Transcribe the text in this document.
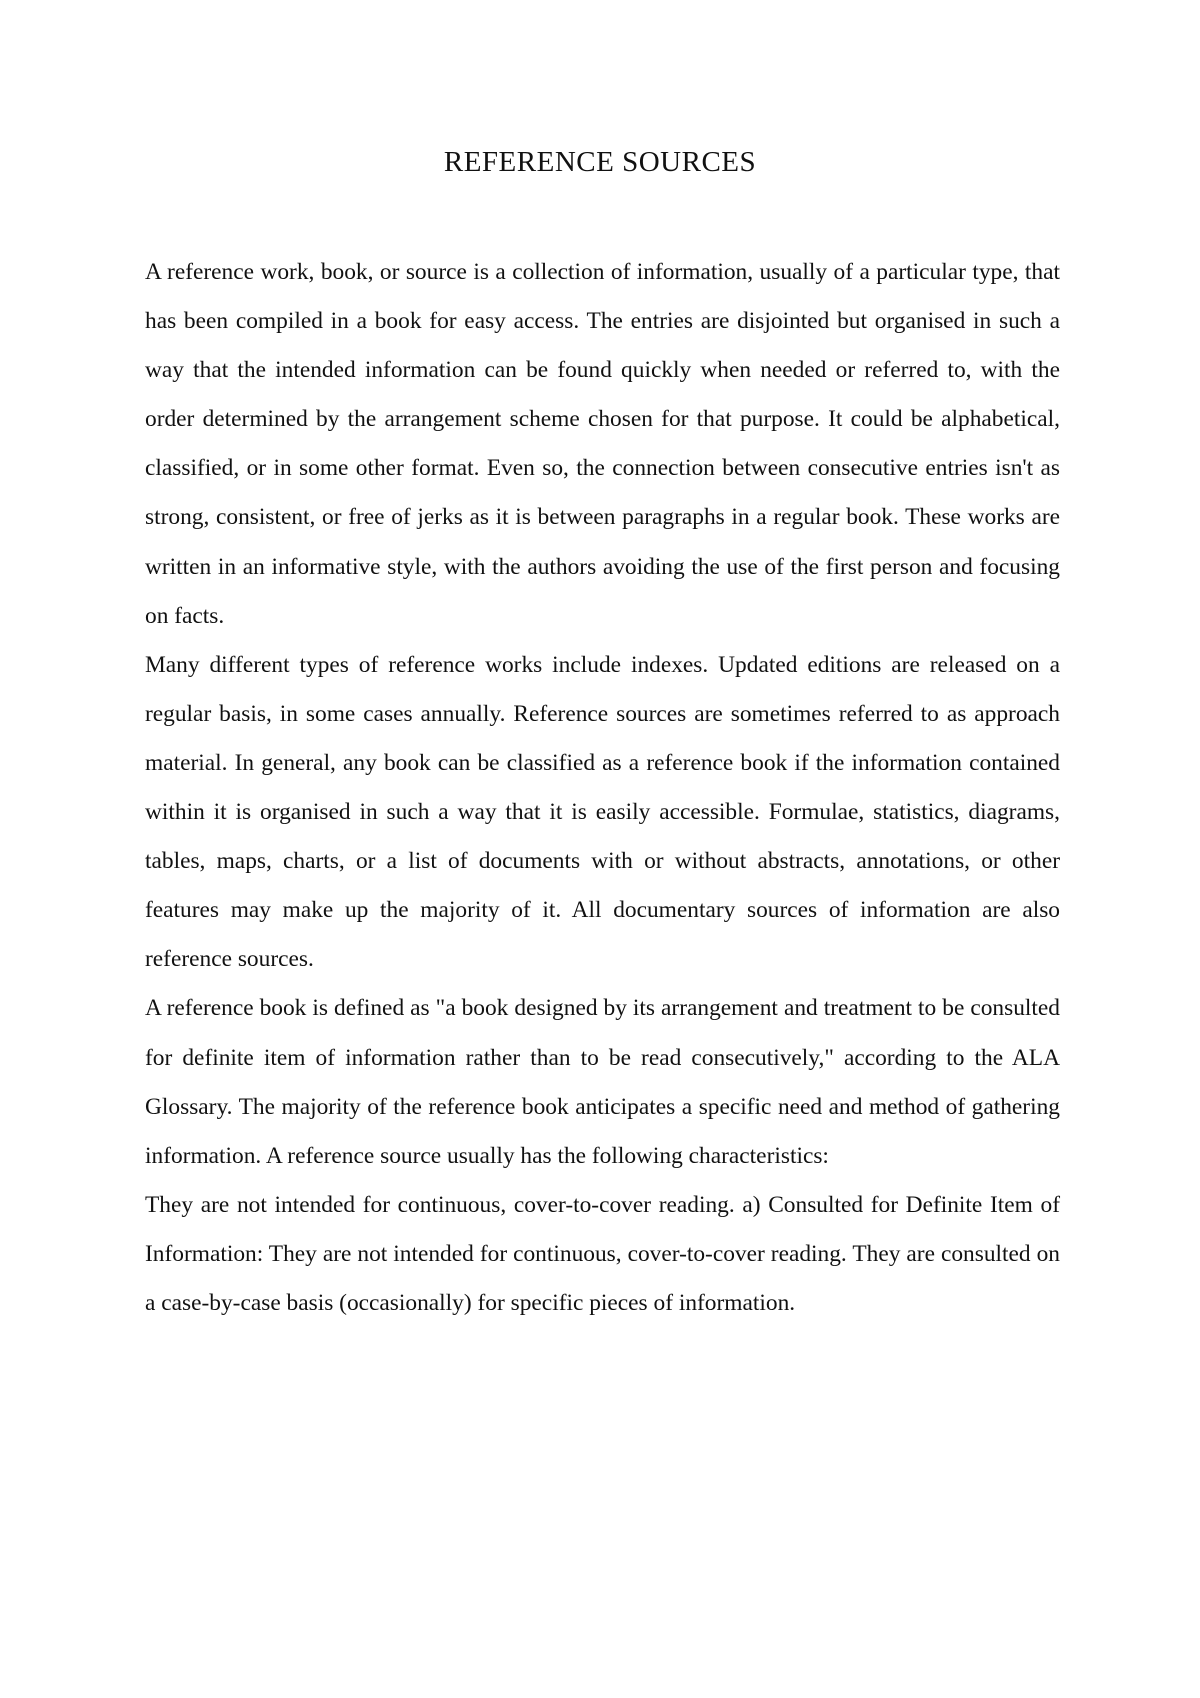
REFERENCE SOURCES

A reference work, book, or source is a collection of information, usually of a particular type, that has been compiled in a book for easy access. The entries are disjointed but organised in such a way that the intended information can be found quickly when needed or referred to, with the order determined by the arrangement scheme chosen for that purpose. It could be alphabetical, classified, or in some other format. Even so, the connection between consecutive entries isn't as strong, consistent, or free of jerks as it is between paragraphs in a regular book. These works are written in an informative style, with the authors avoiding the use of the first person and focusing on facts.

Many different types of reference works include indexes. Updated editions are released on a regular basis, in some cases annually. Reference sources are sometimes referred to as approach material. In general, any book can be classified as a reference book if the information contained within it is organised in such a way that it is easily accessible. Formulae, statistics, diagrams, tables, maps, charts, or a list of documents with or without abstracts, annotations, or other features may make up the majority of it. All documentary sources of information are also reference sources.

A reference book is defined as "a book designed by its arrangement and treatment to be consulted for definite item of information rather than to be read consecutively," according to the ALA Glossary. The majority of the reference book anticipates a specific need and method of gathering information. A reference source usually has the following characteristics:

They are not intended for continuous, cover-to-cover reading. a) Consulted for Definite Item of Information: They are not intended for continuous, cover-to-cover reading. They are consulted on a case-by-case basis (occasionally) for specific pieces of information.
